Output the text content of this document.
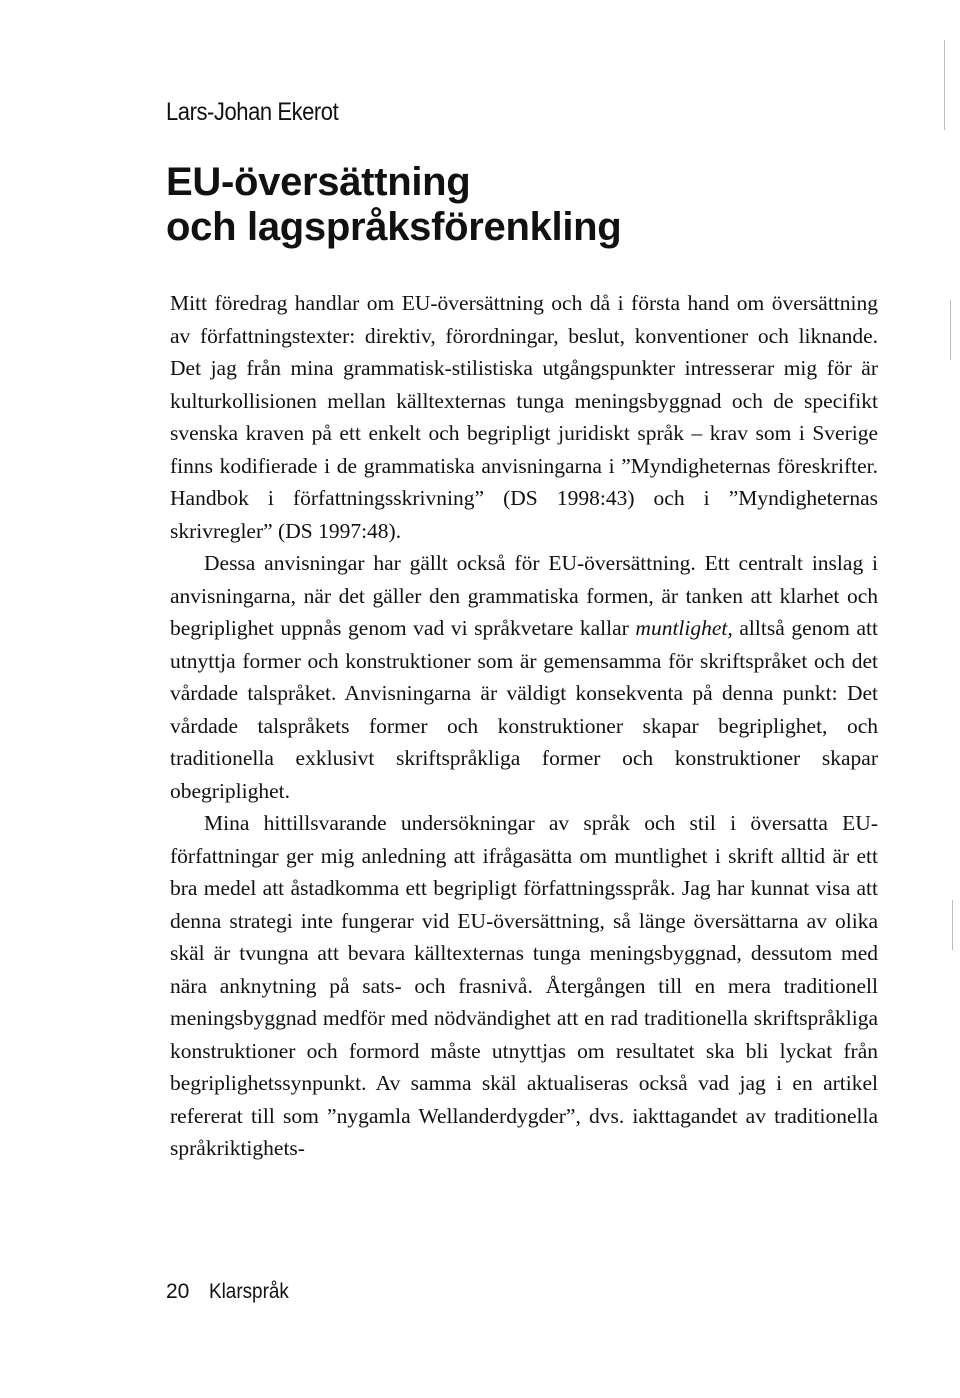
Lars-Johan Ekerot
EU-översättning
och lagspråksförenkling

Mitt föredrag handlar om EU-översättning och då i första hand om översättning av författningstexter: direktiv, förordningar, beslut, konventioner och liknande. Det jag från mina grammatisk-stilistiska utgångspunkter intresserar mig för är kulturkollisionen mellan källtexternas tunga meningsbyggnad och de specifikt svenska kraven på ett enkelt och begripligt juridiskt språk – krav som i Sverige finns kodifierade i de grammatiska anvisningarna i ”Myndigheternas föreskrifter. Handbok i författningsskrivning” (DS 1998:43) och i ”Myndigheternas skrivregler” (DS 1997:48).

Dessa anvisningar har gällt också för EU-översättning. Ett centralt inslag i anvisningarna, när det gäller den grammatiska formen, är tanken att klarhet och begriplighet uppnås genom vad vi språkvetare kallar muntlighet, alltså genom att utnyttja former och konstruktioner som är gemensamma för skriftspråket och det vårdade talspråket. Anvisningarna är väldigt konsekventa på denna punkt: Det vårdade talspråkets former och konstruktioner skapar begriplighet, och traditionella exklusivt skriftspråkliga former och konstruktioner skapar obegriplighet.

Mina hittillsvarande undersökningar av språk och stil i översatta EU-författningar ger mig anledning att ifrågasätta om muntlighet i skrift alltid är ett bra medel att åstadkomma ett begripligt författningsspråk. Jag har kunnat visa att denna strategi inte fungerar vid EU-översättning, så länge översättarna av olika skäl är tvungna att bevara källtexternas tunga meningsbyggnad, dessutom med nära anknytning på sats- och frasnivå. Återgången till en mera traditionell meningsbyggnad medför med nödvändighet att en rad traditionella skriftspråkliga konstruktioner och formord måste utnyttjas om resultatet ska bli lyckat från begriplighetssynpunkt. Av samma skäl aktualiseras också vad jag i en artikel refererat till som ”nygamla Wellanderdygder”, dvs. iakttagandet av traditionella språkriktighets-

20 Klarspråk
